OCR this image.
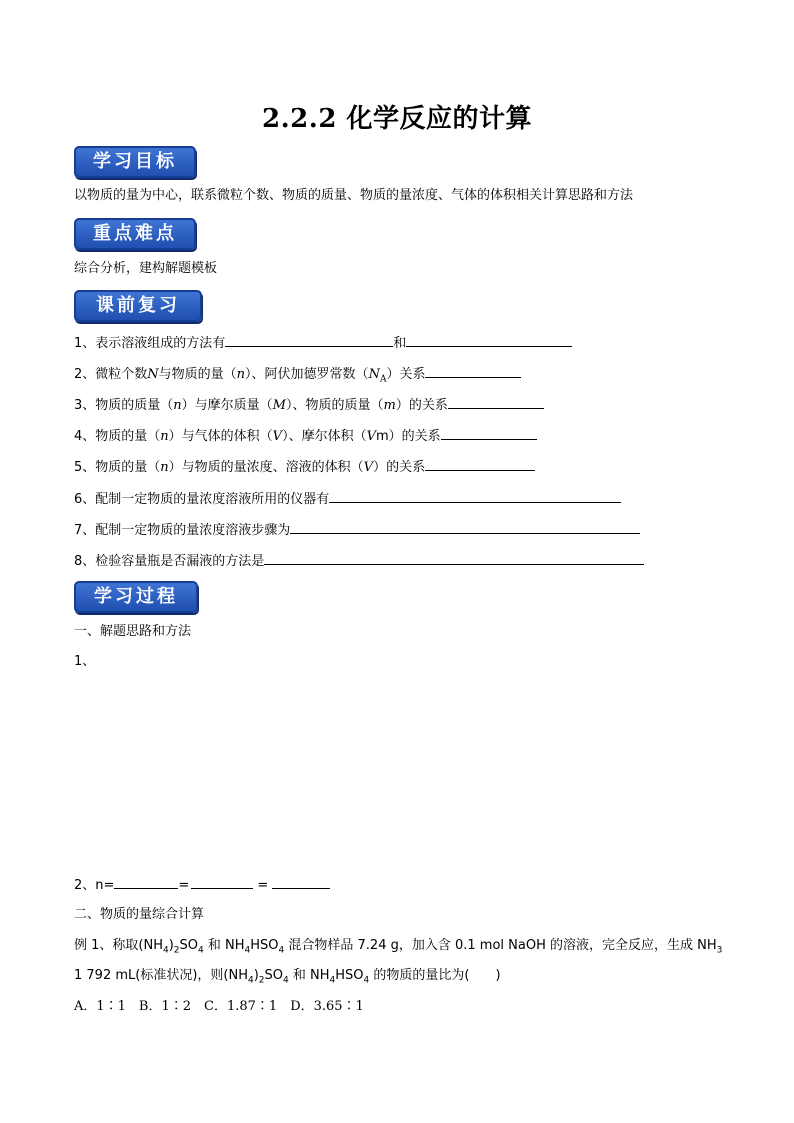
2.2.2 化学反应的计算
学习目标
以物质的量为中心，联系微粒个数、物质的质量、物质的量浓度、气体的体积相关计算思路和方法
重点难点
综合分析，建构解题模板
课前复习
1、表示溶液组成的方法有	和
2、微粒个数N与物质的量（n）、阿伏加德罗常数$(N_A)$关系
3、物质的质量（n）与摩尔质量（M）、物质的质量（m）的关系
4、物质的量（n）与气体的体积（V）、摩尔体积（Vm）的关系
5、物质的量（n）与物质的量浓度、溶液的体积（V）的关系
6、配制一定物质的量浓度溶液所用的仪器有
7、配制一定物质的量浓度溶液步骤为
8、检验容量瓶是否漏液的方法是
学习过程
一、解题思路和方法
1、
2、n=	=	=
二、物质的量综合计算
例 1、称取$(NH_4)_2SO_4$ 和 $NH_4HSO_4$ 混合物样品 7.24 g，加入含 0.1 mol NaOH 的溶液，完全反应，生成 $NH_3$
1 792 mL(标准状况)，则$(NH_4)_2SO_4$ 和 $NH_4HSO_4$ 的物质的量比为(　　)
A．1∶1　B．1∶2　C．1.87∶1　D．3.65∶1
